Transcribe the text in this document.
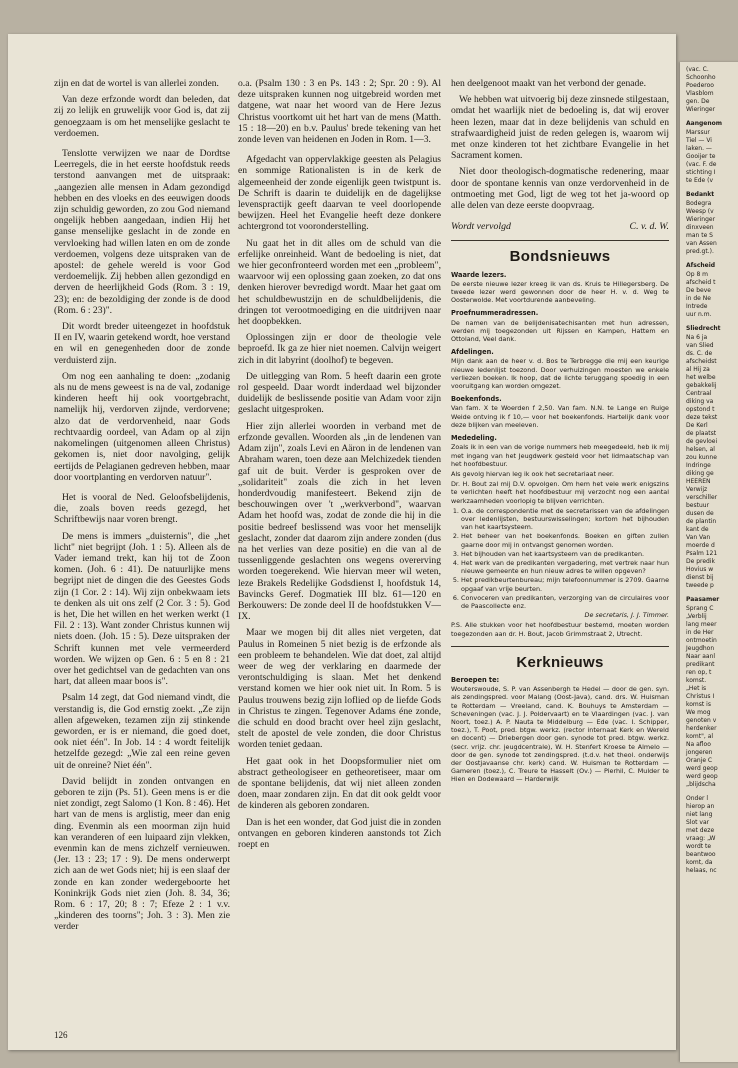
zijn en dat de wortel is van allerlei zonden.

Van deze erfzonde wordt dan beleden, dat zij zo lelijk en gruwelijk voor God is, dat zij genoegzaam is om het menselijke geslacht te verdoemen.

Tenslotte verwijzen we naar de Dordtse Leerregels, die in het eerste hoofdstuk reeds terstond aanvangen met de uitspraak: „aangezien alle mensen in Adam gezondigd hebben en des vloeks en des eeuwigen doods zijn schuldig geworden, zo zou God niemand ongelijk hebben aangedaan, indien Hij het ganse menselijke geslacht in de zonde en vervloeking had willen laten en om de zonde verdoemen, volgens deze uitspraken van de apostel: de gehele wereld is voor God verdoemelijk. Zij hebben allen gezondigd en derven de heerlijkheid Gods (Rom. 3 : 19, 23); en: de bezoldiging der zonde is de dood (Rom. 6 : 23)".

Dit wordt breder uiteengezet in hoofdstuk II en IV, waarin getekend wordt, hoe verstand en wil en genegenheden door de zonde verduisterd zijn.

Om nog een aanhaling te doen: „zodanig als nu de mens geweest is na de val, zodanige kinderen heeft hij ook voortgebracht, namelijk hij, verdorven zijnde, verdorvene; alzo dat de verdorvenheid, naar Gods rechtvaardig oordeel, van Adam op al zijn nakomelingen (uitgenomen alleen Christus) gekomen is, niet door navolging, gelijk eertijds de Pelagianen gedreven hebben, maar door voortplanting en verdorven natuur".

Het is vooral de Ned. Geloofsbelijdenis, die, zoals boven reeds gezegd, het Schriftbewijs naar voren brengt.

De mens is immers „duisternis", die „het licht" niet begrijpt (Joh. 1 : 5). Alleen als de Vader iemand trekt, kan hij tot de Zoon komen. (Joh. 6 : 41). De natuurlijke mens begrijpt niet de dingen die des Geestes Gods zijn (1 Cor. 2 : 14). Wij zijn onbekwaam iets te denken als uit ons zelf (2 Cor. 3 : 5). God is het, Die het willen en het werken werkt (1 Fil. 2 : 13). Want zonder Christus kunnen wij niets doen. (Joh. 15 : 5). Deze uitspraken der Schrift kunnen met vele vermeerderd worden. We wijzen op Gen. 6 : 5 en 8 : 21 over het gedichtsel van de gedachten van ons hart, dat alleen maar boos is".

Psalm 14 zegt, dat God niemand vindt, die verstandig is, die God ernstig zoekt. „Ze zijn allen afgeweken, tezamen zijn zij stinkende geworden, er is er niemand, die goed doet, ook niet één". In Job. 14 : 4 wordt feitelijk hetzelfde gezegd: „Wie zal een reine geven uit de onreine? Niet één".

David belijdt in zonden ontvangen en geboren te zijn (Ps. 51). Geen mens is er die niet zondigt, zegt Salomo (1 Kon. 8 : 46). Het hart van de mens is arglistig, meer dan enig ding. Evenmin als een moorman zijn huid kan veranderen of een luipaard zijn vlekken, evenmin kan de mens zichzelf vernieuwen. (Jer. 13 : 23; 17 : 9). De mens onderwerpt zich aan de wet Gods niet; hij is een slaaf der zonde en kan zonder wedergeboorte het Koninkrijk Gods niet zien (Joh. 8. 34, 36; Rom. 6 : 17, 20; 8 : 7; Efeze 2 : 1 v.v. „kinderen des toorns"; Joh. 3 : 3). Men zie verder

o.a. (Psalm 130 : 3 en Ps. 143 : 2; Spr. 20 : 9). Al deze uitspraken kunnen nog uitgebreid worden met datgene, wat naar het woord van de Here Jezus Christus voortkomt uit het hart van de mens (Matth. 15 : 18—20) en b.v. Paulus' brede tekening van het zonde leven van heidenen en Joden in Rom. 1—3.

Afgedacht van oppervlakkige geesten als Pelagius en sommige Rationalisten is in de kerk de algemeenheid der zonde eigenlijk geen twistpunt is. De Schrift is daarin te duidelijk en de dagelijkse levenspractijk geeft daarvan te veel doorlopende bewijzen. Heel het Evangelie heeft deze donkere achtergrond tot vooronderstelling.

Nu gaat het in dit alles om de schuld van die erfelijke onreinheid. Want de bedoeling is niet, dat we hier geconfronteerd worden met een „probleem", waarvoor wij een oplossing gaan zoeken, zo dat ons denken hierover bevredigd wordt. Maar het gaat om het schuldbewustzijn en de schuldbelijdenis, die dringen tot verootmoediging en die uitdrijven naar het doopbekken.

Oplossingen zijn er door de theologie vele beproefd. Ik ga ze hier niet noemen. Calvijn weigert zich in dit labyrint (doolhof) te begeven.

De uitlegging van Rom. 5 heeft daarin een grote rol gespeeld. Daar wordt inderdaad wel bijzonder duidelijk de beslissende positie van Adam voor zijn geslacht uitgesproken.

Hier zijn allerlei woorden in verband met de erfzonde gevallen. Woorden als „in de lendenen van Adam zijn", zoals Levi en Aäron in de lendenen van Abraham waren, toen deze aan Melchizedek tienden gaf uit de buit. Verder is gesproken over de „solidariteit" zoals die zich in het leven honderdvoudig manifesteert. Bekend zijn de beschouwingen over 't „werkverbond", waarvan Adam het hoofd was, zodat de zonde die hij in die positie bedreef beslissend was voor het menselijk geslacht, zonder dat daarom zijn andere zonden (dus na het verlies van deze positie) en die van al de tussenliggende geslachten ons wegens overerving worden toegerekend. Wie hiervan meer wil weten, leze Brakels Redelijke Godsdienst I, hoofdstuk 14, Bavincks Geref. Dogmatiek III blz. 61—120 en Berkouwers: De zonde deel II de hoofdstukken V—IX.

Maar we mogen bij dit alles niet vergeten, dat Paulus in Romeinen 5 niet bezig is de erfzonde als een probleem te behandelen. Wie dat doet, zal altijd weer de weg der verklaring en daarmede der verontschuldiging is slaan. Met het denkend verstand komen we hier ook niet uit. In Rom. 5 is Paulus trouwens bezig zijn loflied op de liefde Gods in Christus te zingen. Tegenover Adams éne zonde, die schuld en dood bracht over heel zijn geslacht, stelt de apostel de vele zonden, die door Christus worden teniet gedaan.

Het gaat ook in het Doopsformulier niet om abstract getheologiseer en getheoretiseer, maar om de spontane belijdenis, dat wij niet alleen zonden doen, maar zondaren zijn. En dat dit ook geldt voor de kinderen als geboren zondaren.

Dan is het een wonder, dat God juist die in zonden ontvangen en geboren kinderen aanstonds tot Zich roept en

hen deelgenoot maakt van het verbond der genade.

We hebben wat uitvoerig bij deze zinsnede stilgestaan, omdat het waarlijk niet de bedoeling is, dat wij erover heen lezen, maar dat in deze belijdenis van schuld en strafwaardigheid juist de reden gelegen is, waarom wij met onze kinderen tot het zichtbare Evangelie in het Sacrament komen.

Niet door theologisch-dogmatische redenering, maar door de spontane kennis van onze verdorvenheid in de ontmoeting met God, ligt de weg tot het ja-woord op alle delen van deze eerste doopvraag.

Wordt vervolgd	C. v. d. W.
Bondsnieuws
Waarde lezers.

De eerste nieuwe lezer kreeg ik van ds. Kruis te Hillegersberg. De tweede lezer werd gewonnen door de heer H. v. d. Weg te Oosterwolde. Met voortdurende aanbeveling.

Proefnummeradressen.

De namen van de belijdenisatechisanten met hun adressen, werden mij toegezonden uit Rijssen en Kampen, Hattem en Ottoland, Veel dank.

Afdelingen.

Mijn dank aan de heer v. d. Bos te Terbregge die mij een keurige nieuwe ledenlijst toezond. Door verhuizingen moesten we enkele verliezen boeken. Ik hoop, dat de lichte teruggang spoedig in een vooruitgang kan worden omgezet.

Boekenfonds.

Van fam. X te Woerden f 2,50. Van fam. N.N. te Lange en Ruige Weide ontving ik f 10,— voor het boekenfonds. Hartelijk dank voor deze blijken van meeleven.

Mededeling.

Zoals ik in een van de vorige nummers heb meegedeeld, heb ik mij met ingang van het Jeugdwerk gesteld voor het lidmaatschap van het hoofdbestuur.

Als gevolg hiervan leg ik ook het secretariaat neer.

Dr. H. Bout zal mij D.V. opvolgen. Om hem het vele werk enigszins te verlichten heeft het hoofdbestuur mij verzocht nog een aantal werkzaamheden voorlopig te blijven verrichten.

1. O.a. de correspondentie met de secretarissen van de afdelingen over ledenlijsten, bestuurswisselingen; kortom het bijhouden van het kaartsysteem.
2. Het beheer van het boekenfonds. Boeken en giften zullen gaarne door mij in ontvangst genomen worden.
3. Het bijhouden van het kaartsysteem van de predikanten.
4. Het werk van de predikanten vergadering, met vertrek naar hun nieuwe gemeente en hun nieuw adres te willen opgeven?
5. Het predikbeurtenbureau; mijn telefoonnummer is 2709. Gaarne opgaaf van vrije beurten.
6. Convoceren van predikanten, verzorging van de circulaires voor de Paascollecte enz.

De secretaris, J. J. Timmer.

P.S. Alle stukken voor het hoofdbestuur bestemd, moeten worden toegezonden aan dr. H. Bout, Jacob Grimmstraat 2, Utrecht.

Kerknieuws
Beroepen te:

Wouterswoude, S. P. van Assenbergh te Hedel — door de gen. syn. als zendingspred. voor Malang (Oost-Java), cand. drs. W. Huisman te Rotterdam — Vreeland, cand. K. Bouhuys te Amsterdam — Scheveningen (vac. J. J. Poldervaart) en te Vlaardingen (vac. J. van Noort, toez.) A. P. Nauta te Middelburg — Ede (vac. I. Schipper, toez.), T. Poot, pred. btgw. werkz. (rector internaat Kerk en Wereld en docent) — Driebergen door gen. synode tot pred. btgw. werkz. (secr. vrijz. chr. jeugdcentrale), W. H. Stenfert Kroese te Almelo — door de gen. synode tot zendingspred. (t.d.v. het theol. onderwijs der Oostjavaanse chr. kerk) cand. W. Huisman te Rotterdam — Gameren (toez.), C. Treure te Hasselt (Ov.) — Pierhil, C. Mulder te Hien en Dodewaard — Harderwijk

126
(vac. C.
Schoonho
Poederoo
Vlasblom
gen. De
Wieringer
Aangenom
Marssur
Tiel — Vi
laken. —
Gooijer te
(vac. F. de
stichting I
te Ede (v
Bedankt
Bodegra
Weesp (v
Wieringer
dinxveen
man te S
van Assen
pred.gt.).
Afscheid
Op 8 m
afscheid t
De beve
in de Ne
Intrede
uur n.m.
Sliedrecht
Na 6 ja
van Slied
ds. C. de
afscheidst
al Hij za
het welbe
gebakkelij
Centraal
diking va
opstond t
deze tekst
De Kerl
de plaatst
de gevloei
helsen, al
zou kunne
Indringe
diking ge
HEEREN
Verwijz
verschiller
bestuur
dusen de
de plantin
kant de
Van Van
moerde d
Psalm 121
De predik
Hovius w
dienst bij
tweede p
Paasamer
Sprang C
„Verblij
lang meer
in de Her
ontmoetin
Jeugdhon
Naar aanl
predikant
ren op, t
komst.
„Het is
Christus I
komst is
We mog
genoten v
herdenker
komt", al
Na afloo
jongeren
Oranje C
werd geop
werd geop
„blijdscha
Onder l
hierop an
niet lang
Slot var
met deze
vraag: „W
wordt te
beantwoo
komt, da
helaas, nc
